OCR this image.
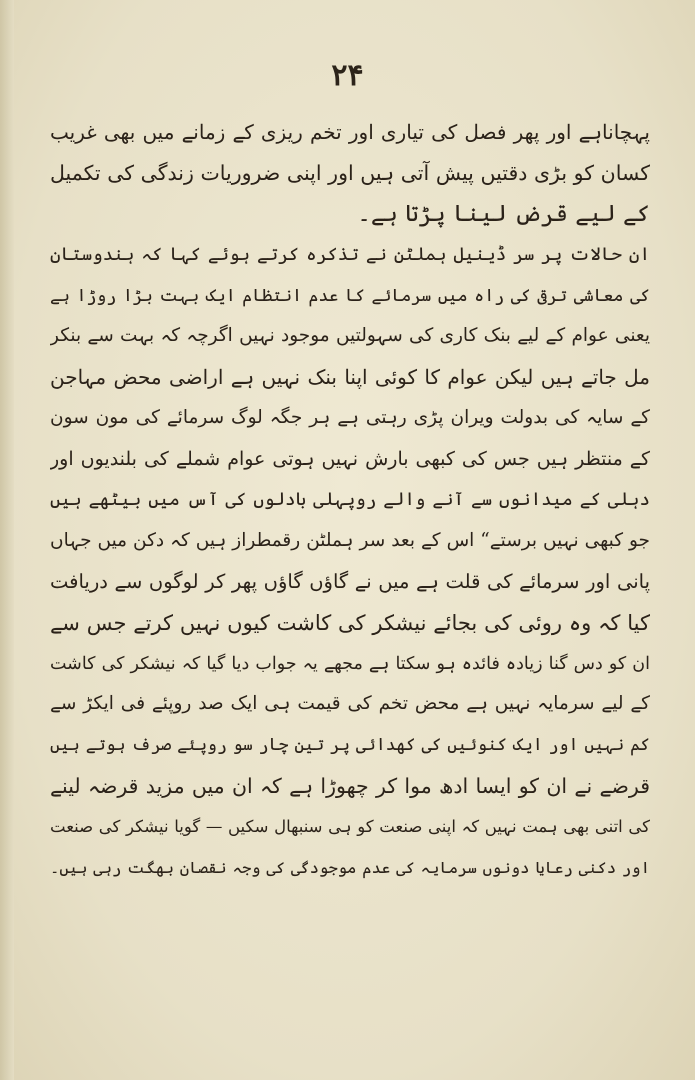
۲۴
پہچاناہے اور پھر فصل کی تیاری اور تخم ریزی کے زمانے میں بھی غریب
کسان کو بڑی دقتیں پیش آتی ہیں اور اپنی ضروریات زندگی کی تکمیل
کے لیے قرض لینا پڑتا ہے۔
ان حالات پر سر ڈینیل ہملٹن نے تذکرہ کرتے ہوئے کہا کہ ہندوستان
کی معاشی ترقی کی راہ میں سرمائے کا عدم انتظام ایک بہت بڑا روڑا ہے
یعنی عوام کے لیے بنک کاری کی سہولتیں موجود نہیں اگرچہ کہ بہت سے بنکر
مل جاتے ہیں لیکن عوام کا کوئی اپنا بنک نہیں ہے اراضی محض مہاجن
کے سایہ کی بدولت ویران پڑی رہتی ہے ہر جگہ لوگ سرمائے کی مون سون
کے منتظر ہیں جس کی کبھی بارش نہیں ہوتی عوام شملے کی بلندیوں اور
دہلی کے میدانوں سے آنے والے روپہلی بادلوں کی آس میں بیٹھے ہیں
جو کبھی نہیں برستے“ اس کے بعد سر ہملٹن رقمطراز ہیں کہ دکن میں جہاں
پانی اور سرمائے کی قلت ہے میں نے گاؤں گاؤں پھر کر لوگوں سے دریافت
کیا کہ وہ روئی کی بجائے نیشکر کی کاشت کیوں نہیں کرتے جس سے
ان کو دس گنا زیادہ فائدہ ہو سکتا ہے مجھے یہ جواب دیا گیا کہ نیشکر کی کاشت
کے لیے سرمایہ نہیں ہے محض تخم کی قیمت ہی ایک صد روپئے فی ایکڑ سے
کم نہیں اور ایک کنوئیں کی کھدائی پر تین چار سو روپئے صرف ہوتے ہیں
قرضے نے ان کو ایسا ادھ موا کر چھوڑا ہے کہ ان میں مزید قرضہ لینے
کی اتنی بھی ہمت نہیں کہ اپنی صنعت کو ہی سنبھال سکیں — گویا نیشکر کی صنعت
اور دکنی رعایا دونوں سرمایہ کی عدم موجودگی کی وجہ نقصان بھگت رہی ہیں۔
